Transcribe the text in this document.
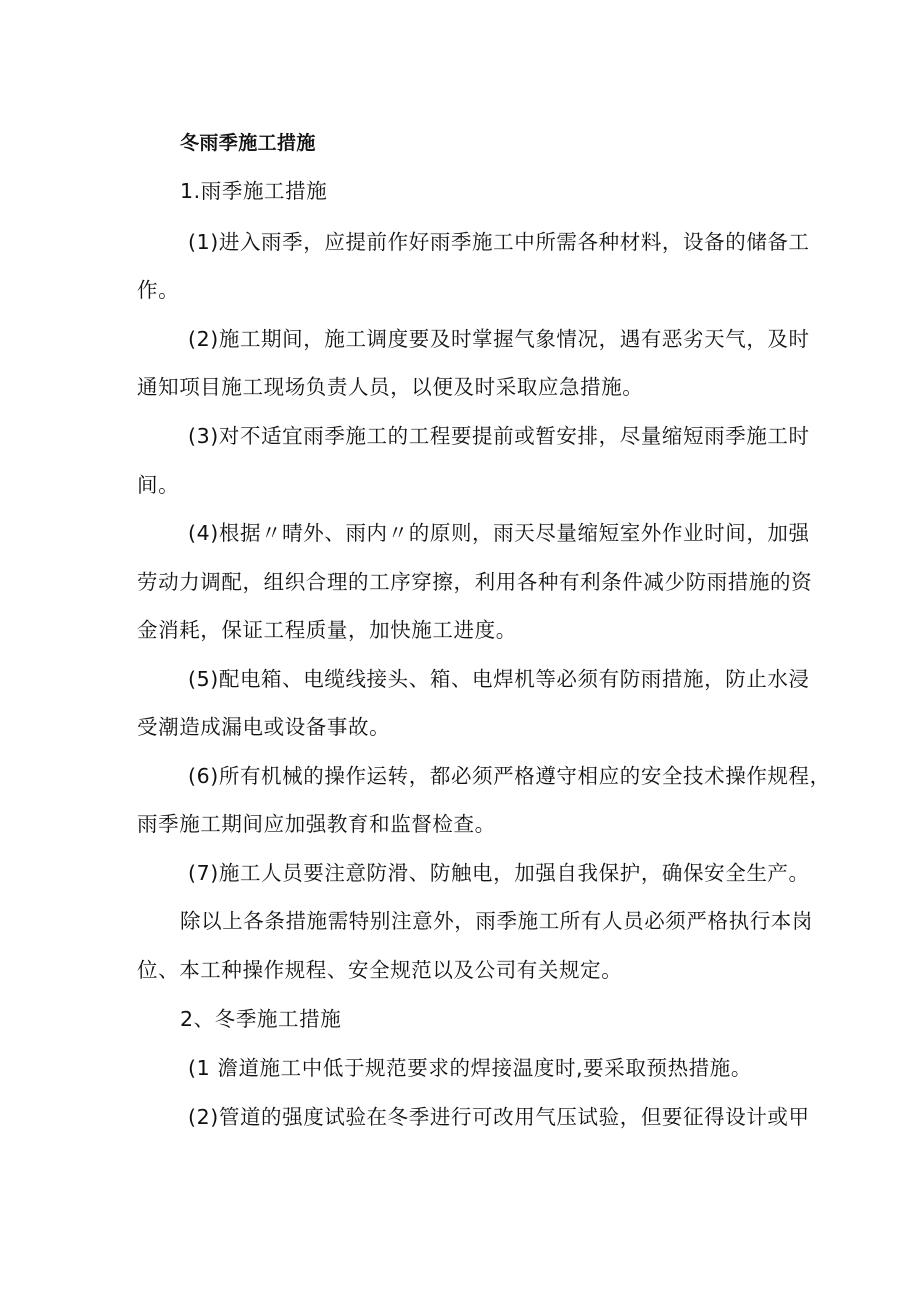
冬雨季施工措施
1.雨季施工措施
(1)进入雨季，应提前作好雨季施工中所需各种材料，设备的储备工
作。
(2)施工期间，施工调度要及时掌握气象情况，遇有恶劣天气，及时
通知项目施工现场负责人员，以便及时采取应急措施。
(3)对不适宜雨季施工的工程要提前或暂安排，尽量缩短雨季施工时
间。
(4)根据〃晴外、雨内〃的原则，雨天尽量缩短室外作业时间，加强
劳动力调配，组织合理的工序穿擦，利用各种有利条件减少防雨措施的资
金消耗，保证工程质量，加快施工进度。
(5)配电箱、电缆线接头、箱、电焊机等必须有防雨措施，防止水浸
受潮造成漏电或设备事故。
(6)所有机械的操作运转，都必须严格遵守相应的安全技术操作规程，
雨季施工期间应加强教育和监督检查。
(7)施工人员要注意防滑、防触电，加强自我保护，确保安全生产。
除以上各条措施需特别注意外，雨季施工所有人员必须严格执行本岗
位、本工种操作规程、安全规范以及公司有关规定。
2、冬季施工措施
(1 澹道施工中低于规范要求的焊接温度时,要采取预热措施。
(2)管道的强度试验在冬季进行可改用气压试验，但要征得设计或甲
